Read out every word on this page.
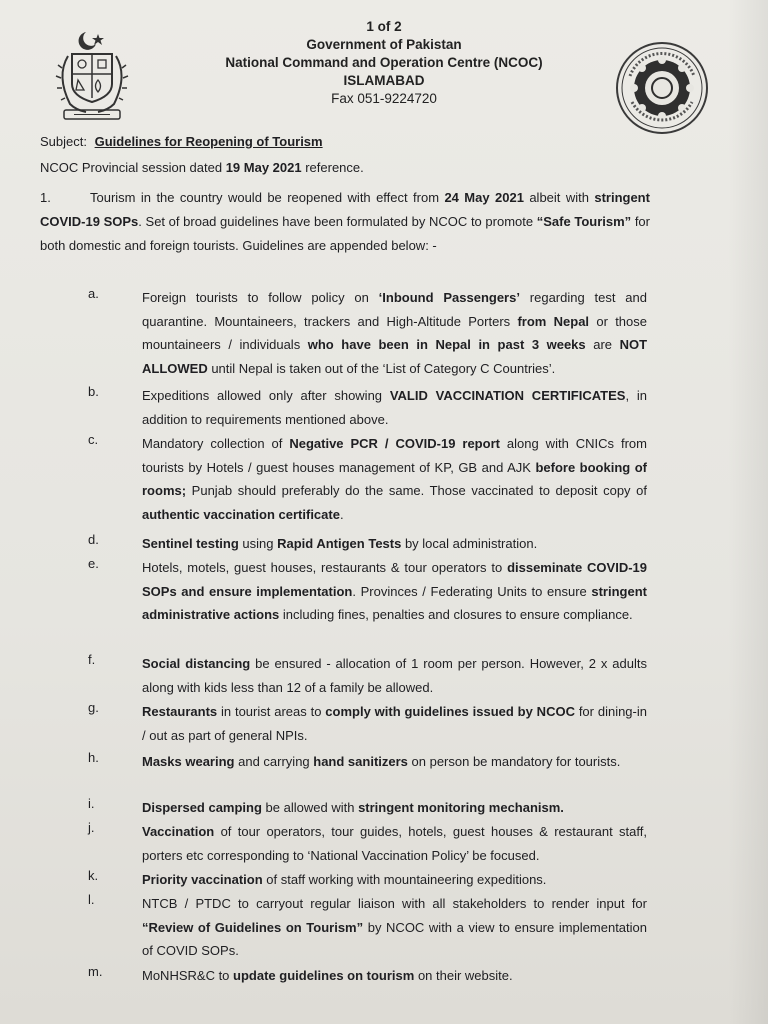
1 of 2
Government of Pakistan
National Command and Operation Centre (NCOC)
ISLAMABAD
Fax 051-9224720
Subject: Guidelines for Reopening of Tourism
NCOC Provincial session dated 19 May 2021 reference.
1.	Tourism in the country would be reopened with effect from 24 May 2021 albeit with stringent COVID-19 SOPs. Set of broad guidelines have been formulated by NCOC to promote “Safe Tourism” for both domestic and foreign tourists. Guidelines are appended below: -
a.	Foreign tourists to follow policy on ‘Inbound Passengers’ regarding test and quarantine. Mountaineers, trackers and High-Altitude Porters from Nepal or those mountaineers / individuals who have been in Nepal in past 3 weeks are NOT ALLOWED until Nepal is taken out of the ‘List of Category C Countries’.
b.	Expeditions allowed only after showing VALID VACCINATION CERTIFICATES, in addition to requirements mentioned above.
c.	Mandatory collection of Negative PCR / COVID-19 report along with CNICs from tourists by Hotels / guest houses management of KP, GB and AJK before booking of rooms; Punjab should preferably do the same. Those vaccinated to deposit copy of authentic vaccination certificate.
d.	Sentinel testing using Rapid Antigen Tests by local administration.
e.	Hotels, motels, guest houses, restaurants & tour operators to disseminate COVID-19 SOPs and ensure implementation. Provinces / Federating Units to ensure stringent administrative actions including fines, penalties and closures to ensure compliance.
f.	Social distancing be ensured - allocation of 1 room per person. However, 2 x adults along with kids less than 12 of a family be allowed.
g.	Restaurants in tourist areas to comply with guidelines issued by NCOC for dining-in / out as part of general NPIs.
h.	Masks wearing and carrying hand sanitizers on person be mandatory for tourists.
i.	Dispersed camping be allowed with stringent monitoring mechanism.
j.	Vaccination of tour operators, tour guides, hotels, guest houses & restaurant staff, porters etc corresponding to ‘National Vaccination Policy’ be focused.
k.	Priority vaccination of staff working with mountaineering expeditions.
l.	NTCB / PTDC to carryout regular liaison with all stakeholders to render input for “Review of Guidelines on Tourism” by NCOC with a view to ensure implementation of COVID SOPs.
m.	MoNHSR&C to update guidelines on tourism on their website.
